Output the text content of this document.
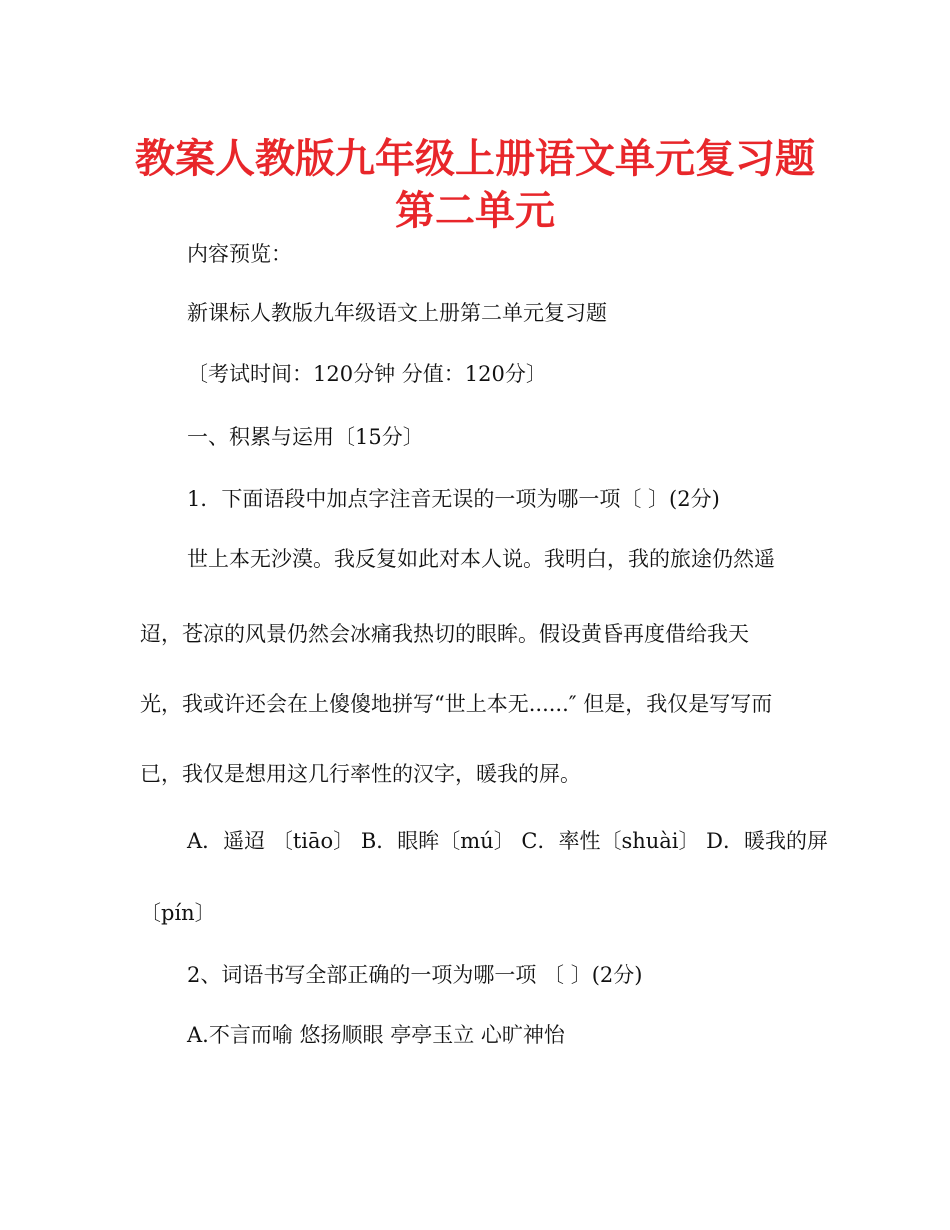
教案人教版九年级上册语文单元复习题第二单元

内容预览：

新课标人教版九年级语文上册第二单元复习题

〔考试时间：120分钟 分值：120分〕

一、积累与运用〔15分〕

1．下面语段中加点字注音无误的一项为哪一项〔 〕(2分)

世上本无沙漠。我反复如此对本人说。我明白，我的旅途仍然遥

迢，苍凉的风景仍然会冰痛我热切的眼眸。假设黄昏再度借给我天

光，我或许还会在上傻傻地拼写“世上本无......″ 但是，我仅是写写而

已，我仅是想用这几行率性的汉字，暖我的屏。

A．遥迢 〔tiāo〕 B．眼眸〔mú〕 C．率性〔shuài〕 D．暖我的屏

〔pín〕

2、词语书写全部正确的一项为哪一项 〔 〕(2分)

A.不言而喻 悠扬顺眼 亭亭玉立 心旷神怡
